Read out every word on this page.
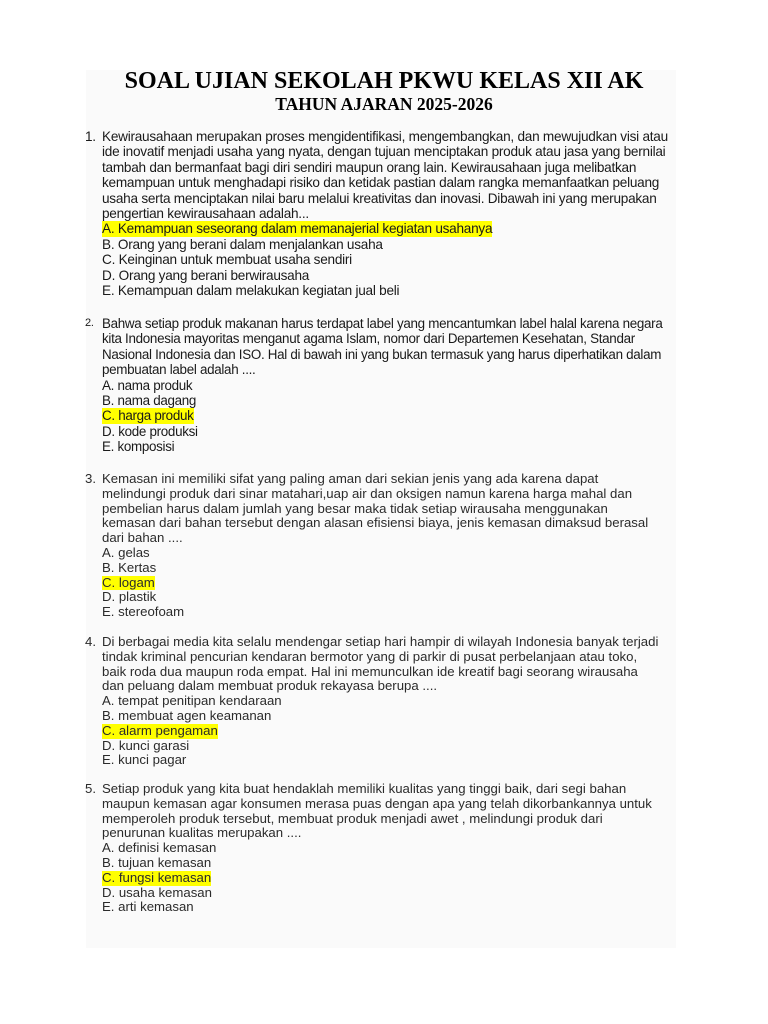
SOAL UJIAN SEKOLAH PKWU KELAS XII AK
TAHUN AJARAN 2025-2026
1. Kewirausahaan merupakan proses mengidentifikasi, mengembangkan, dan mewujudkan visi atau
ide inovatif menjadi usaha yang nyata, dengan tujuan menciptakan produk atau jasa yang bernilai
tambah dan bermanfaat bagi diri sendiri maupun orang lain. Kewirausahaan juga melibatkan
kemampuan untuk menghadapi risiko dan ketidak pastian dalam rangka memanfaatkan peluang
usaha serta menciptakan nilai baru melalui kreativitas dan inovasi. Dibawah ini yang merupakan
pengertian kewirausahaan adalah...
A. Kemampuan seseorang dalam memanajerial kegiatan usahanya
B. Orang yang berani dalam menjalankan usaha
C. Keinginan untuk membuat usaha sendiri
D. Orang yang berani berwirausaha
E. Kemampuan dalam melakukan kegiatan jual beli
2. Bahwa setiap produk makanan harus terdapat label yang mencantumkan label halal karena negara
kita Indonesia mayoritas menganut agama Islam, nomor dari Departemen Kesehatan, Standar
Nasional Indonesia dan ISO. Hal di bawah ini yang bukan termasuk yang harus diperhatikan dalam
pembuatan label adalah ....
A. nama produk
B. nama dagang
C. harga produk
D. kode produksi
E. komposisi
3. Kemasan ini memiliki sifat yang paling aman dari sekian jenis yang ada karena dapat
melindungi produk dari sinar matahari,uap air dan oksigen namun karena harga mahal dan
pembelian harus dalam jumlah yang besar maka tidak setiap wirausaha menggunakan
kemasan dari bahan tersebut dengan alasan efisiensi biaya, jenis kemasan dimaksud berasal
dari bahan ....
A. gelas
B. Kertas
C. logam
D. plastik
E. stereofoam
4. Di berbagai media kita selalu mendengar setiap hari hampir di wilayah Indonesia banyak terjadi
tindak kriminal pencurian kendaran bermotor yang di parkir di pusat perbelanjaan atau toko,
baik roda dua maupun roda empat. Hal ini memunculkan ide kreatif bagi seorang wirausaha
dan peluang dalam membuat produk rekayasa berupa ....
A. tempat penitipan kendaraan
B. membuat agen keamanan
C. alarm pengaman
D. kunci garasi
E. kunci pagar
5. Setiap produk yang kita buat hendaklah memiliki kualitas yang tinggi baik, dari segi bahan
maupun kemasan agar konsumen merasa puas dengan apa yang telah dikorbankannya untuk
memperoleh produk tersebut, membuat produk menjadi awet , melindungi produk dari
penurunan kualitas merupakan ....
A. definisi kemasan
B. tujuan kemasan
C. fungsi kemasan
D. usaha kemasan
E. arti kemasan
